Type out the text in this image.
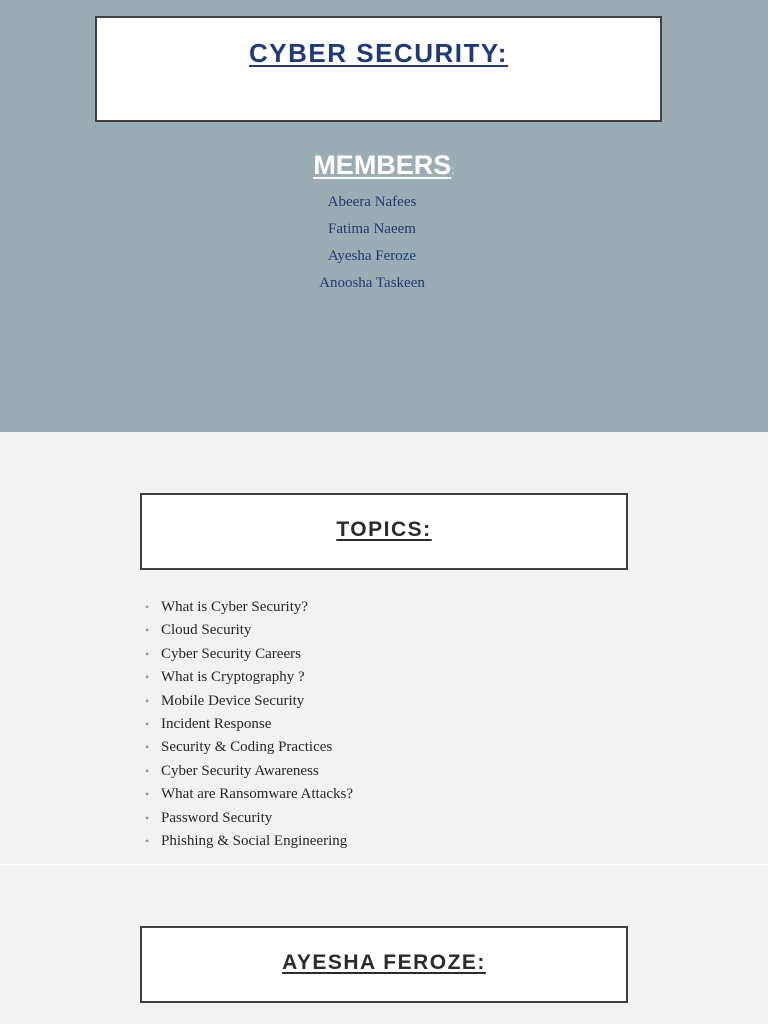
CYBER SECURITY:
MEMBERS:
Abeera Nafees
Fatima Naeem
Ayesha Feroze
Anoosha Taskeen
TOPICS:
• What is Cyber Security?
• Cloud Security
• Cyber Security Careers
• What is Cryptography ?
• Mobile Device Security
• Incident Response
• Security & Coding Practices
• Cyber Security Awareness
• What are Ransomware Attacks?
• Password Security
• Phishing & Social Engineering
AYESHA FEROZE:
